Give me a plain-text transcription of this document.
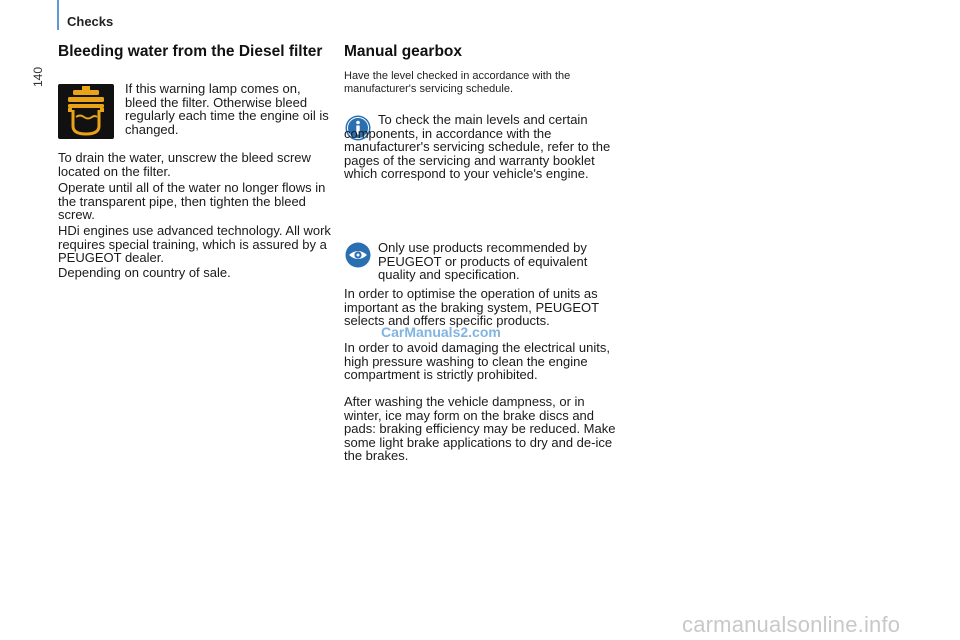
Checks
140
Bleeding water from the Diesel filter
If this warning lamp comes on, bleed the filter. Otherwise bleed regularly each time the engine oil is changed.
To drain the water, unscrew the bleed screw located on the filter.
Operate until all of the water no longer flows in the transparent pipe, then tighten the bleed screw.
HDi engines use advanced technology. All work requires special training, which is assured by a PEUGEOT dealer.
Depending on country of sale.
Manual gearbox
Have the level checked in accordance with the manufacturer's servicing schedule.
To check the main levels and certain components, in accordance with the manufacturer's servicing schedule, refer to the pages of the servicing and warranty booklet which correspond to your vehicle's engine.
Only use products recommended by PEUGEOT or products of equivalent quality and specification.
In order to optimise the operation of units as important as the braking system, PEUGEOT selects and offers specific products.
In order to avoid damaging the electrical units, high pressure washing to clean the engine compartment is strictly prohibited.
After washing the vehicle dampness, or in winter, ice may form on the brake discs and pads: braking efficiency may be reduced. Make some light brake applications to dry and de-ice the brakes.
CarManuals2.com
carmanualsonline.info
